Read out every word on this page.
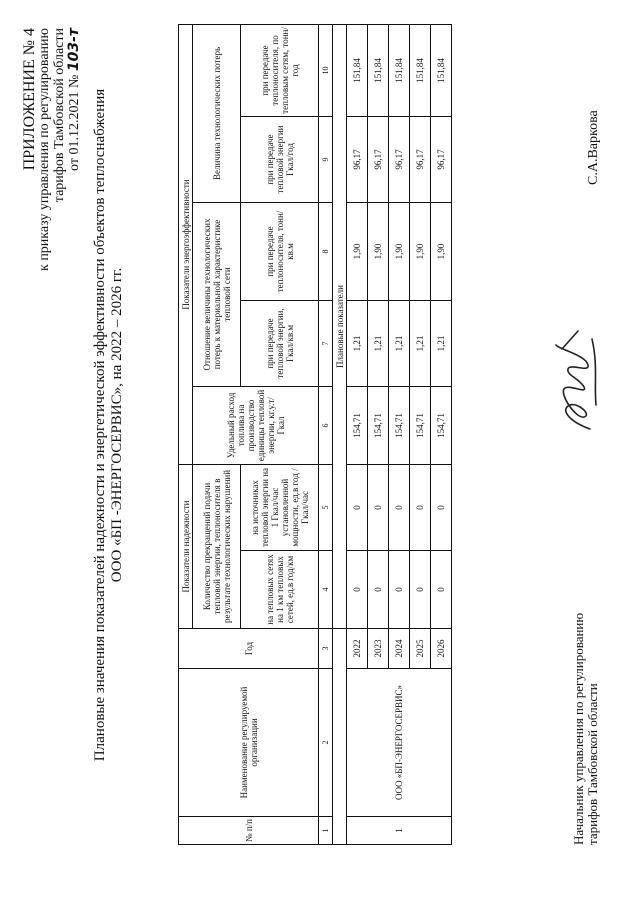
ПРИЛОЖЕНИЕ № 4 к приказу управления по регулированию
тарифов Тамбовской области
от 01.12.2021 № 103-т
Плановые значения показателей надежности и энергетической эффективности объектов теплоснабжения
ООО «БП -ЭНЕРГОСЕРВИС», на 2022 – 2026 гг.
№ п/п	Наименование регулируемой организации	Год	Показатели надежности		Показатели энергоэффективности				
			Количество прекращений подачи тепловой энергии, теплоносителя в результате технологических нарушений		Удельный расход топлива на производство единицы тепловой энергии, кг.у.т/Гкал	Отношение величины технологических потерь к материальной характеристике тепловой сети		Величина технологических потерь	
			на тепловых сетях на 1 км тепловых сетей, ед.в год/км	на источниках тепловой энергии на 1 Гкал/час установленной мощности, ед.в год /Гкал/час		при передаче тепловой энергии, Гкал/кв.м	при передаче теплоносителя, тонн/кв.м	при передаче тепловой энергии Гкал/год	при передаче теплоносителя, по тепловым сетям, тонн/год
1	2	3	4	5	6	7	8	9	10
			Плановые показатели						
1	ООО «БП-ЭНЕРГОСЕРВИС»	2022	0	0	154,71	1,21	1,90	96,17	151,84
		2023	0	0	154,71	1,21	1,90	96,17	151,84
		2024	0	0	154,71	1,21	1,90	96,17	151,84
		2025	0	0	154,71	1,21	1,90	96,17	151,84
		2026	0	0	154,71	1,21	1,90	96,17	151,84
Начальник управления по регулированию
тарифов Тамбовской области
С.А.Варкова
